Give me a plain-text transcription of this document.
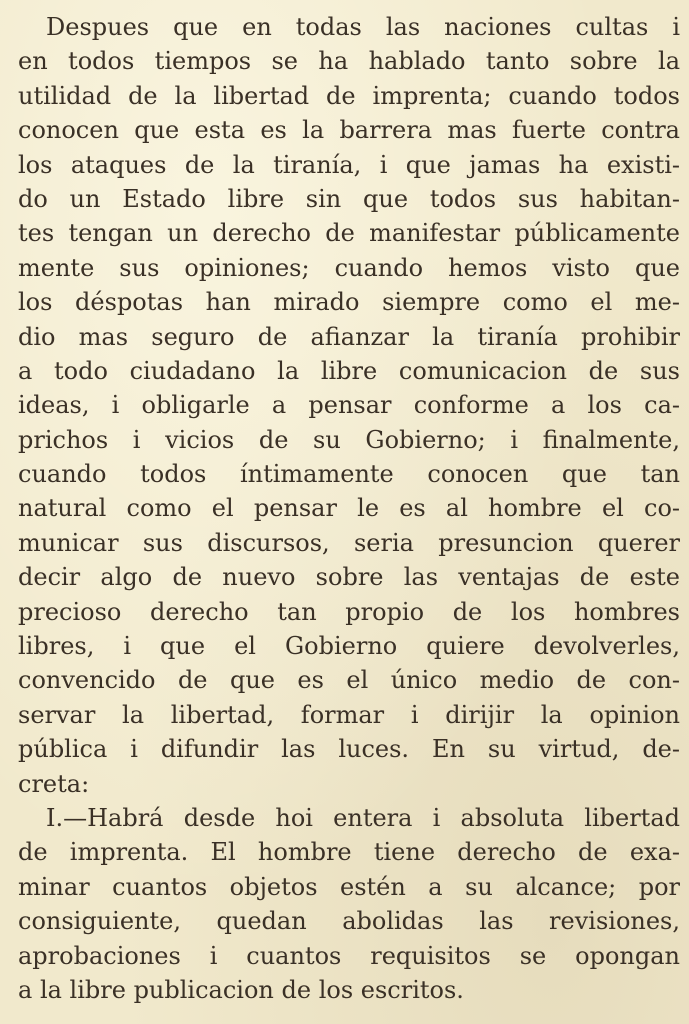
Despues que en todas las naciones cultas i
en todos tiempos se ha hablado tanto sobre la
utilidad de la libertad de imprenta; cuando todos
conocen que esta es la barrera mas fuerte contra
los ataques de la tiranía, i que jamas ha existi-
do un Estado libre sin que todos sus habitan-
tes tengan un derecho de manifestar públicamente
mente sus opiniones; cuando hemos visto que
los déspotas han mirado siempre como el me-
dio mas seguro de afianzar la tiranía prohibir
a todo ciudadano la libre comunicacion de sus
ideas, i obligarle a pensar conforme a los ca-
prichos i vicios de su Gobierno; i finalmente,
cuando todos íntimamente conocen que tan
natural como el pensar le es al hombre el co-
municar sus discursos, seria presuncion querer
decir algo de nuevo sobre las ventajas de este
precioso derecho tan propio de los hombres
libres, i que el Gobierno quiere devolverles,
convencido de que es el único medio de con-
servar la libertad, formar i dirijir la opinion
pública i difundir las luces. En su virtud, de-
creta:
I.—Habrá desde hoi entera i absoluta libertad
de imprenta. El hombre tiene derecho de exa-
minar cuantos objetos estén a su alcance; por
consiguiente, quedan abolidas las revisiones,
aprobaciones i cuantos requisitos se opongan
a la libre publicacion de los escritos.
